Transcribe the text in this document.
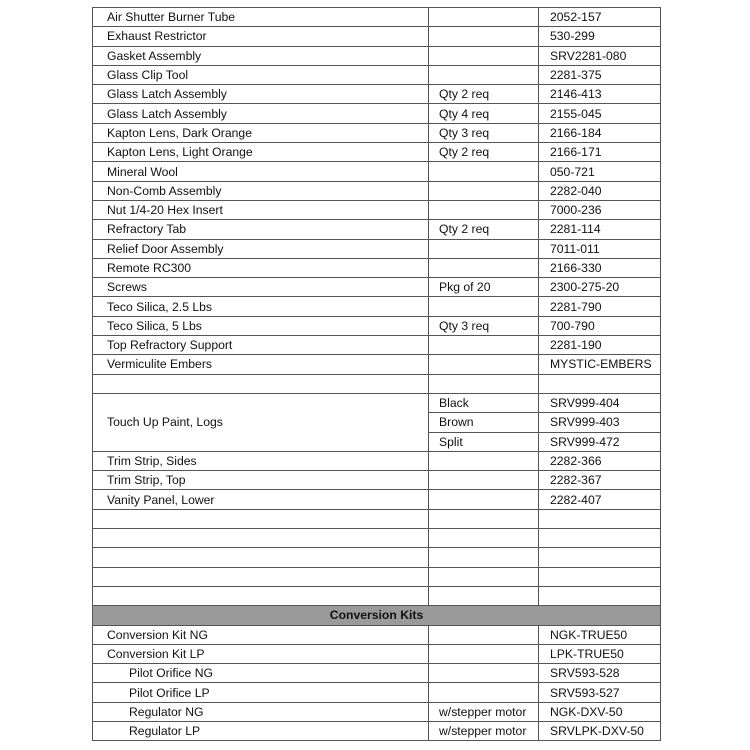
Air Shutter Burner Tube		2052-157
Exhaust Restrictor		530-299
Gasket Assembly		SRV2281-080
Glass Clip Tool		2281-375
Glass Latch Assembly	Qty 2 req	2146-413
Glass Latch Assembly	Qty 4 req	2155-045
Kapton Lens, Dark Orange	Qty 3 req	2166-184
Kapton Lens, Light Orange	Qty 2 req	2166-171
Mineral Wool		050-721
Non-Comb Assembly		2282-040
Nut 1/4-20 Hex Insert		7000-236
Refractory Tab	Qty 2 req	2281-114
Relief Door Assembly		7011-011
Remote RC300		2166-330
Screws	Pkg of 20	2300-275-20
Teco Silica, 2.5 Lbs		2281-790
Teco Silica, 5 Lbs	Qty 3 req	700-790
Top Refractory Support		2281-190
Vermiculite Embers		MYSTIC-EMBERS

Touch Up Paint, Logs	Black	SRV999-404
	Brown	SRV999-403
	Split	SRV999-472
Trim Strip, Sides		2282-366
Trim Strip, Top		2282-367
Vanity Panel, Lower		2282-407

Conversion Kits		
Conversion Kit NG		NGK-TRUE50
Conversion Kit LP		LPK-TRUE50
Pilot Orifice NG		SRV593-528
Pilot Orifice LP		SRV593-527
Regulator NG	w/stepper motor	NGK-DXV-50
Regulator LP	w/stepper motor	SRVLPK-DXV-50
